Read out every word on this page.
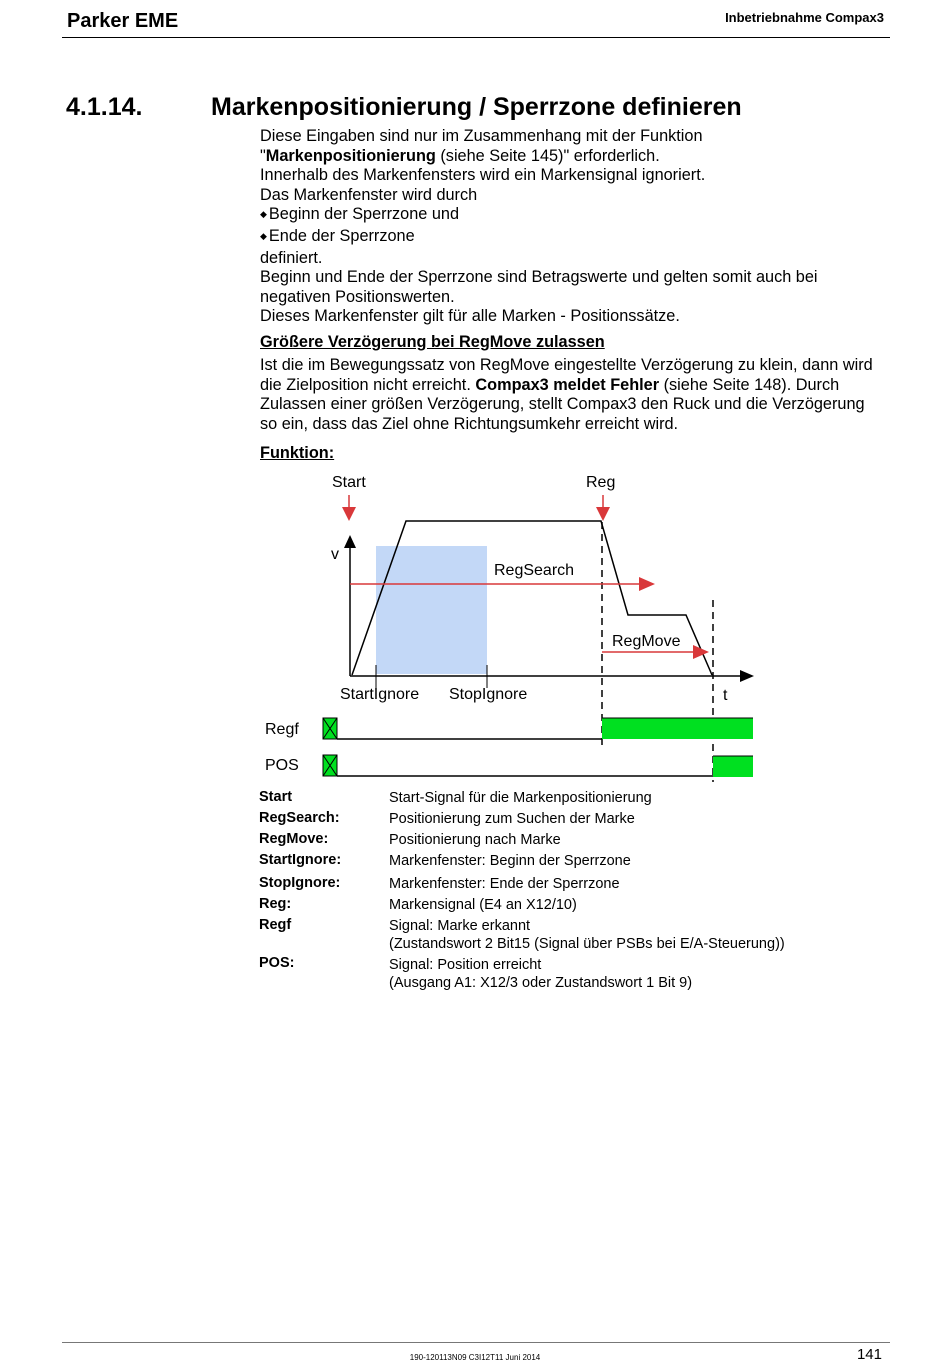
Parker EME	Inbetriebnahme Compax3
4.1.14.	Markenpositionierung / Sperrzone definieren

Diese Eingaben sind nur im Zusammenhang mit der Funktion

"Markenpositionierung (siehe Seite 145)" erforderlich.

Innerhalb des Markenfensters wird ein Markensignal ignoriert.

Das Markenfenster wird durch

◆ Beginn der Sperrzone und

◆ Ende der Sperrzone

definiert.

Beginn und Ende der Sperrzone sind Betragswerte und gelten somit auch bei negativen Positionswerten.

Dieses Markenfenster gilt für alle Marken - Positionssätze.

Größere Verzögerung bei RegMove zulassen

Ist die im Bewegungssatz von RegMove eingestellte Verzögerung zu klein, dann wird die Zielposition nicht erreicht. Compax3 meldet Fehler (siehe Seite 148). Durch Zulassen einer größen Verzögerung, stellt Compax3 den Ruck und die Verzögerung so ein, dass das Ziel ohne Richtungsumkehr erreicht wird.

Funktion:
Start	Reg
v
RegSearch
RegMove
StartIgnore StopIgnore	t
Regf
POS
Start	Start-Signal für die Markenpositionierung
RegSearch:	Positionierung zum Suchen der Marke
RegMove:	Positionierung nach Marke
StartIgnore:	Markenfenster: Beginn der Sperrzone
StopIgnore:	Markenfenster: Ende der Sperrzone
Reg:	Markensignal (E4 an X12/10)
Regf	Signal: Marke erkannt
(Zustandswort 2 Bit15 (Signal über PSBs bei E/A-Steuerung))
POS:	Signal: Position erreicht
(Ausgang A1: X12/3 oder Zustandswort 1 Bit 9)
190-120113N09 C3I12T11 Juni 2014	141
